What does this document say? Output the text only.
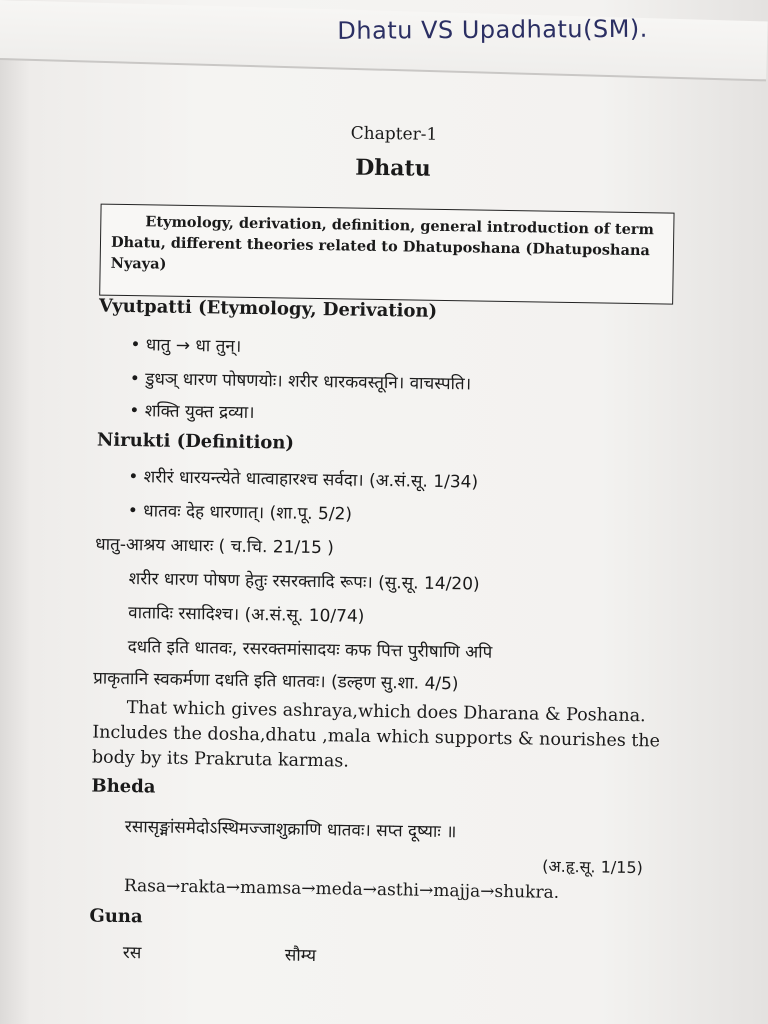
Dhatu VS Upadhatu(SM).
Chapter-1
Dhatu
Etymology, derivation, definition, general introduction of term Dhatu, different theories related to Dhatuposhana (Dhatuposhana Nyaya)
Vyutpatti (Etymology, Derivation)
• धातु → धा तुन्।
• डुधञ् धारण पोषणयोः। शरीर धारकवस्तूनि। वाचस्पति।
• शक्ति युक्त द्रव्या।
Nirukti (Definition)
• शरीरं धारयन्त्येते धात्वाहारश्च सर्वदा। (अ.सं.सू. 1/34)
• धातवः देह धारणात्। (शा.पू. 5/2)
धातु-आश्रय आधारः ( च.चि. 21/15 )
शरीर धारण पोषण हेतुः रसरक्तादि रूपः। (सु.सू. 14/20)
वातादिः रसादिश्च। (अ.सं.सू. 10/74)
दधति इति धातवः, रसरक्तमांसादयः कफ पित्त पुरीषाणि अपि
प्राकृतानि स्वकर्मणा दधति इति धातवः। (डल्हण सु.शा. 4/5)
That which gives ashraya,which does Dharana & Poshana. Includes the dosha,dhatu ,mala which supports & nourishes the body by its Prakruta karmas.
Bheda
रसासृङ्मांसमेदोऽस्थिमज्जाशुक्राणि धातवः। सप्त दूष्याः ॥
(अ.हृ.सू. 1/15)
Rasa→rakta→mamsa→meda→asthi→majja→shukra.
Guna
रस	सौम्य
